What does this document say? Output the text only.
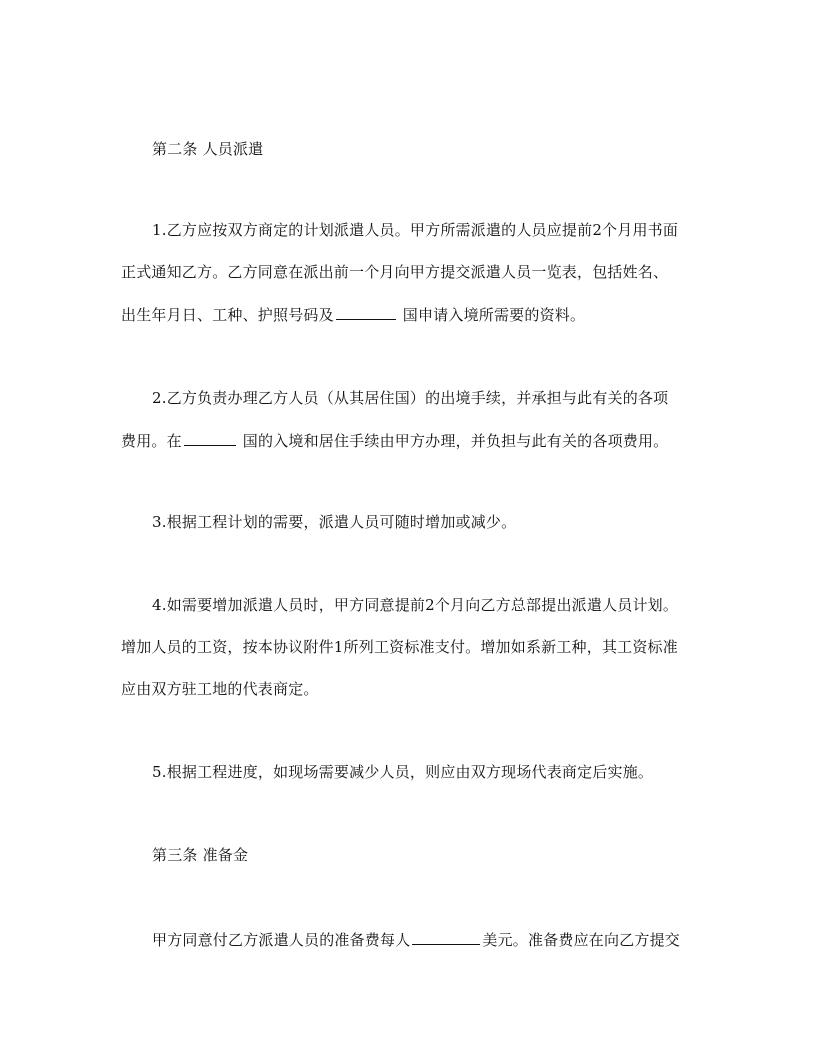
第二条 人员派遣
1.乙方应按双方商定的计划派遣人员。甲方所需派遣的人员应提前2个月用书面
正式通知乙方。乙方同意在派出前一个月向甲方提交派遣人员一览表，包括姓名、
出生年月日、工种、护照号码及	国申请入境所需要的资料。
2.乙方负责办理乙方人员（从其居住国）的出境手续，并承担与此有关的各项
费用。在	国的入境和居住手续由甲方办理，并负担与此有关的各项费用。
3.根据工程计划的需要，派遣人员可随时增加或减少。
4.如需要增加派遣人员时，甲方同意提前2个月向乙方总部提出派遣人员计划。
增加人员的工资，按本协议附件1所列工资标准支付。增加如系新工种，其工资标准
应由双方驻工地的代表商定。
5.根据工程进度，如现场需要减少人员，则应由双方现场代表商定后实施。
第三条 准备金
甲方同意付乙方派遣人员的准备费每人	美元。准备费应在向乙方提交
